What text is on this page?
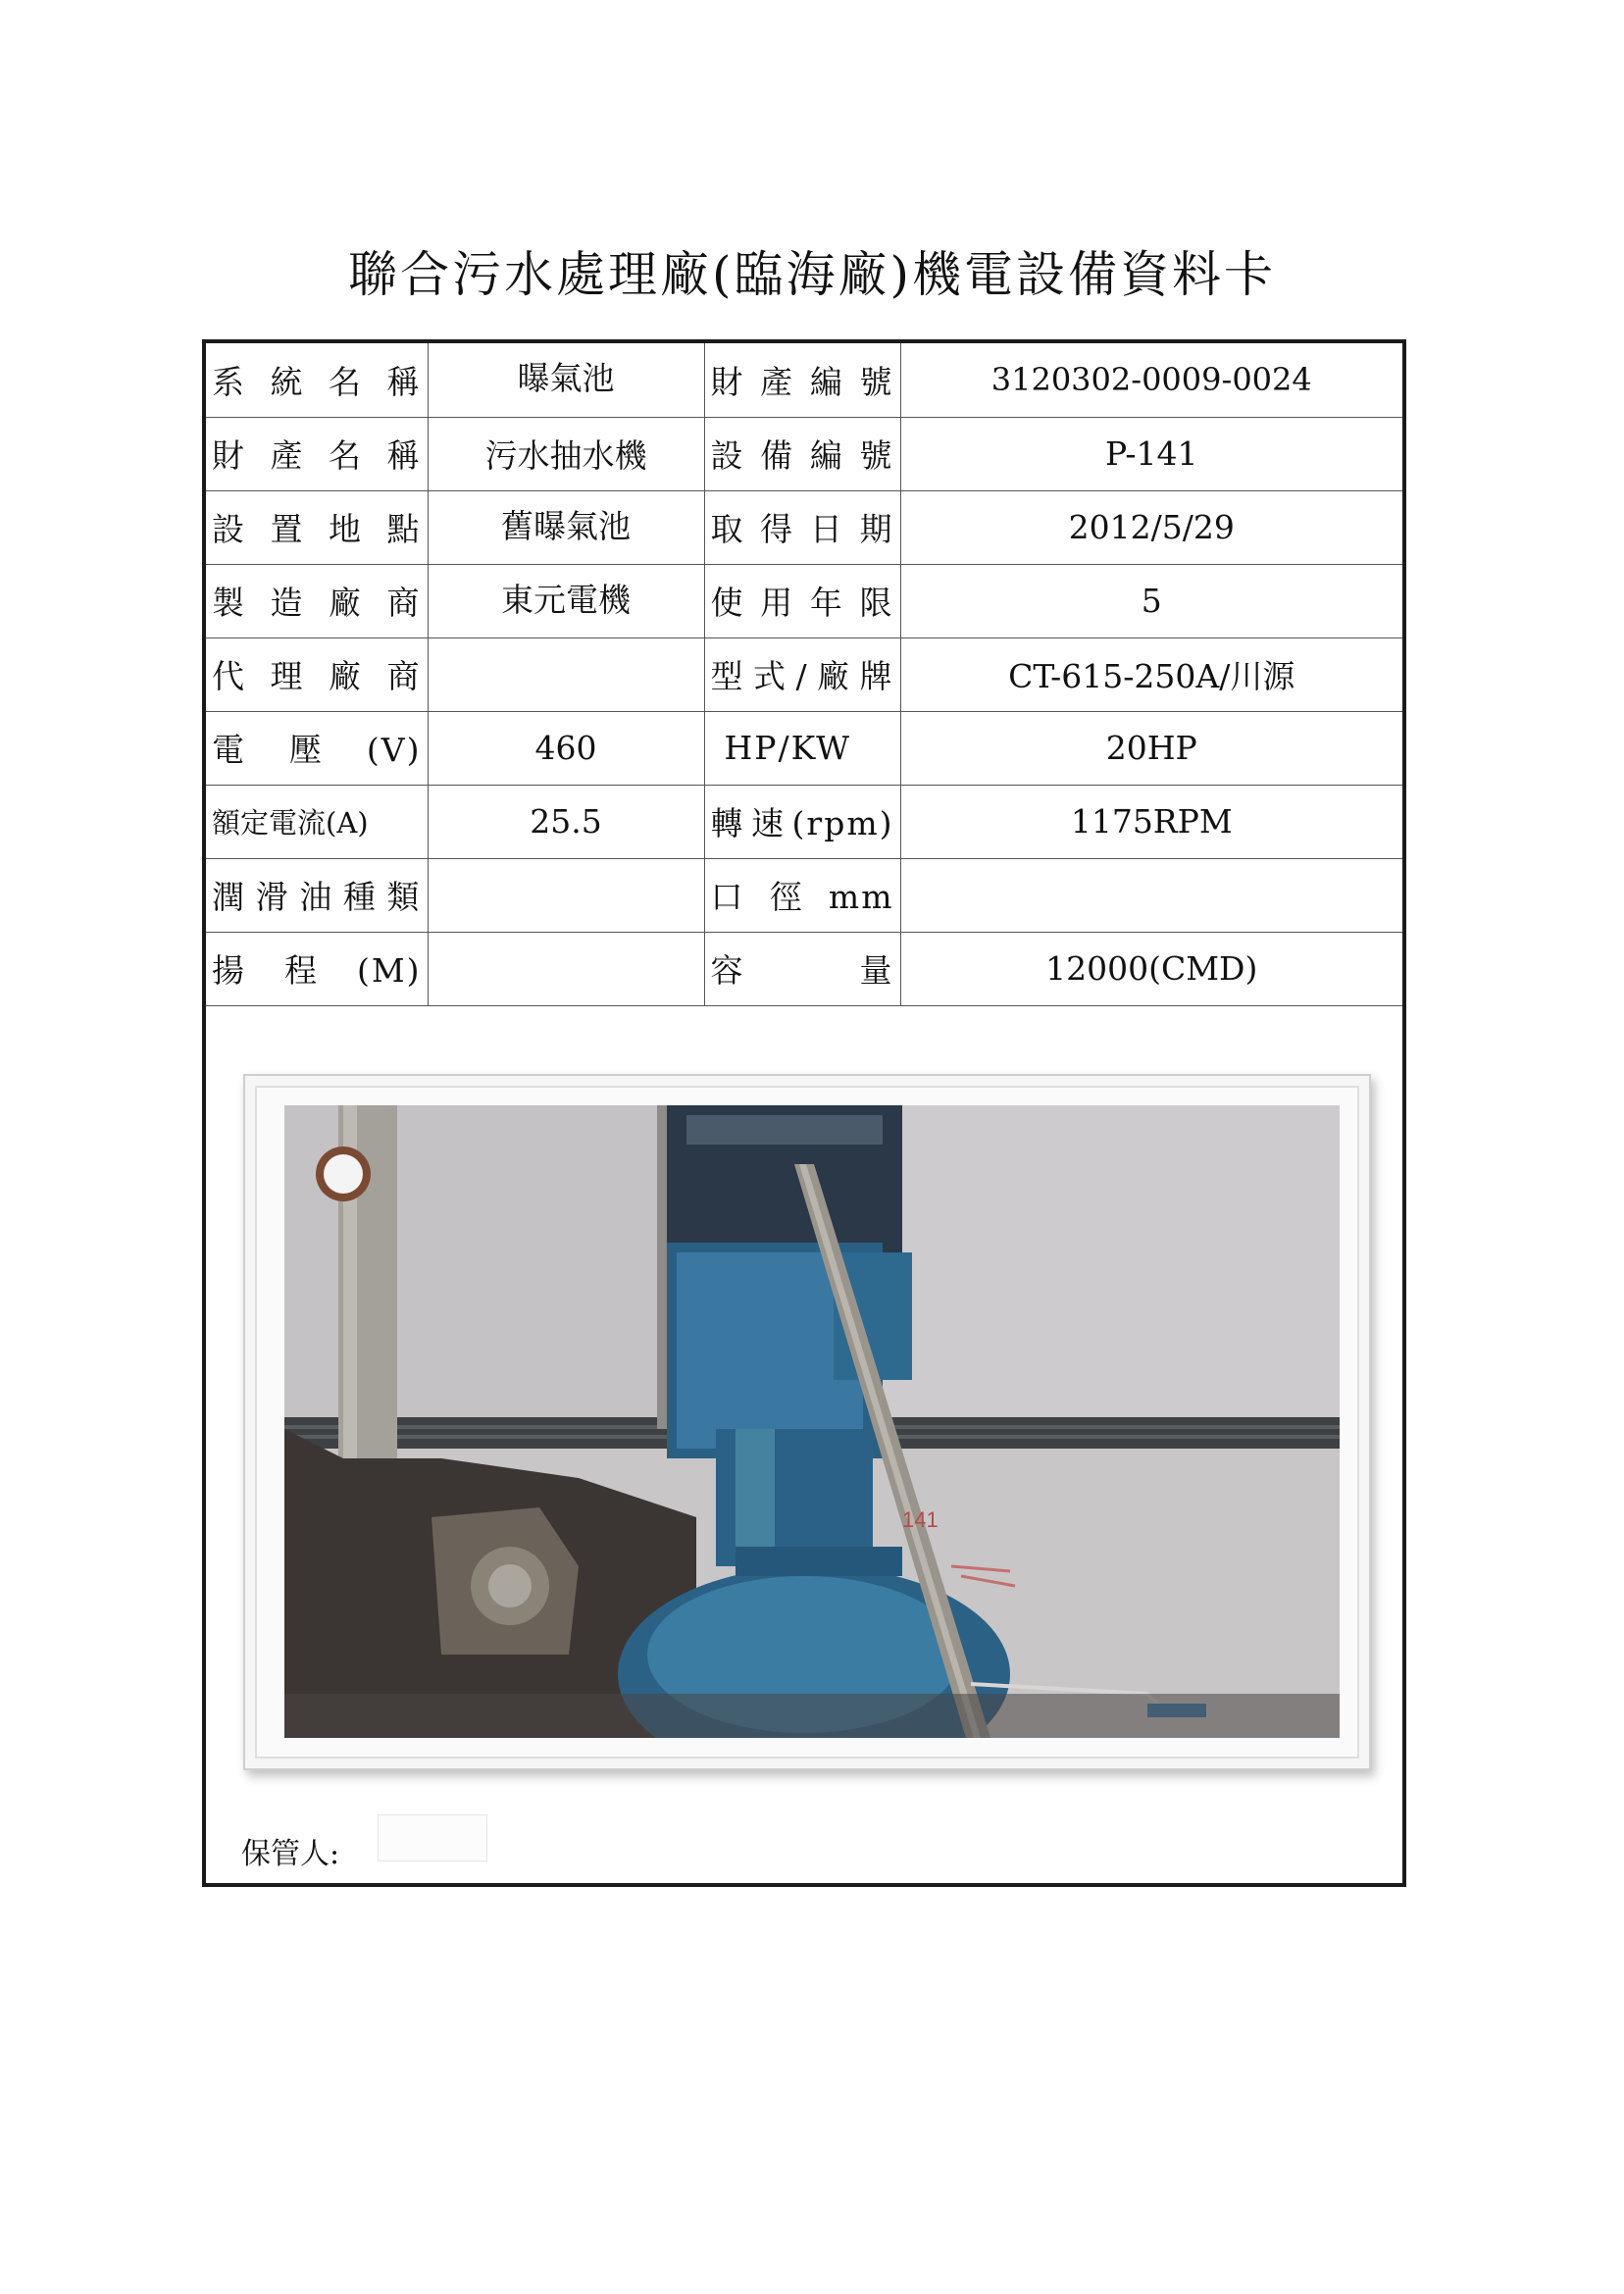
聯合污水處理廠(臨海廠)機電設備資料卡
系統名稱	曝氣池	財產編號	3120302-0009-0024
財產名稱	污水抽水機	設備編號	P-141
設置地點	舊曝氣池	取得日期	2012/5/29
製造廠商	東元電機	使用年限	5
代理廠商		型式/廠牌	CT-615-250A/川源
電壓(V)	460	HP/KW	20HP
額定電流(A)	25.5	轉速(rpm)	1175RPM
潤滑油種類		口徑mm	
揚程(M)		容量	12000(CMD)
141
保管人:
